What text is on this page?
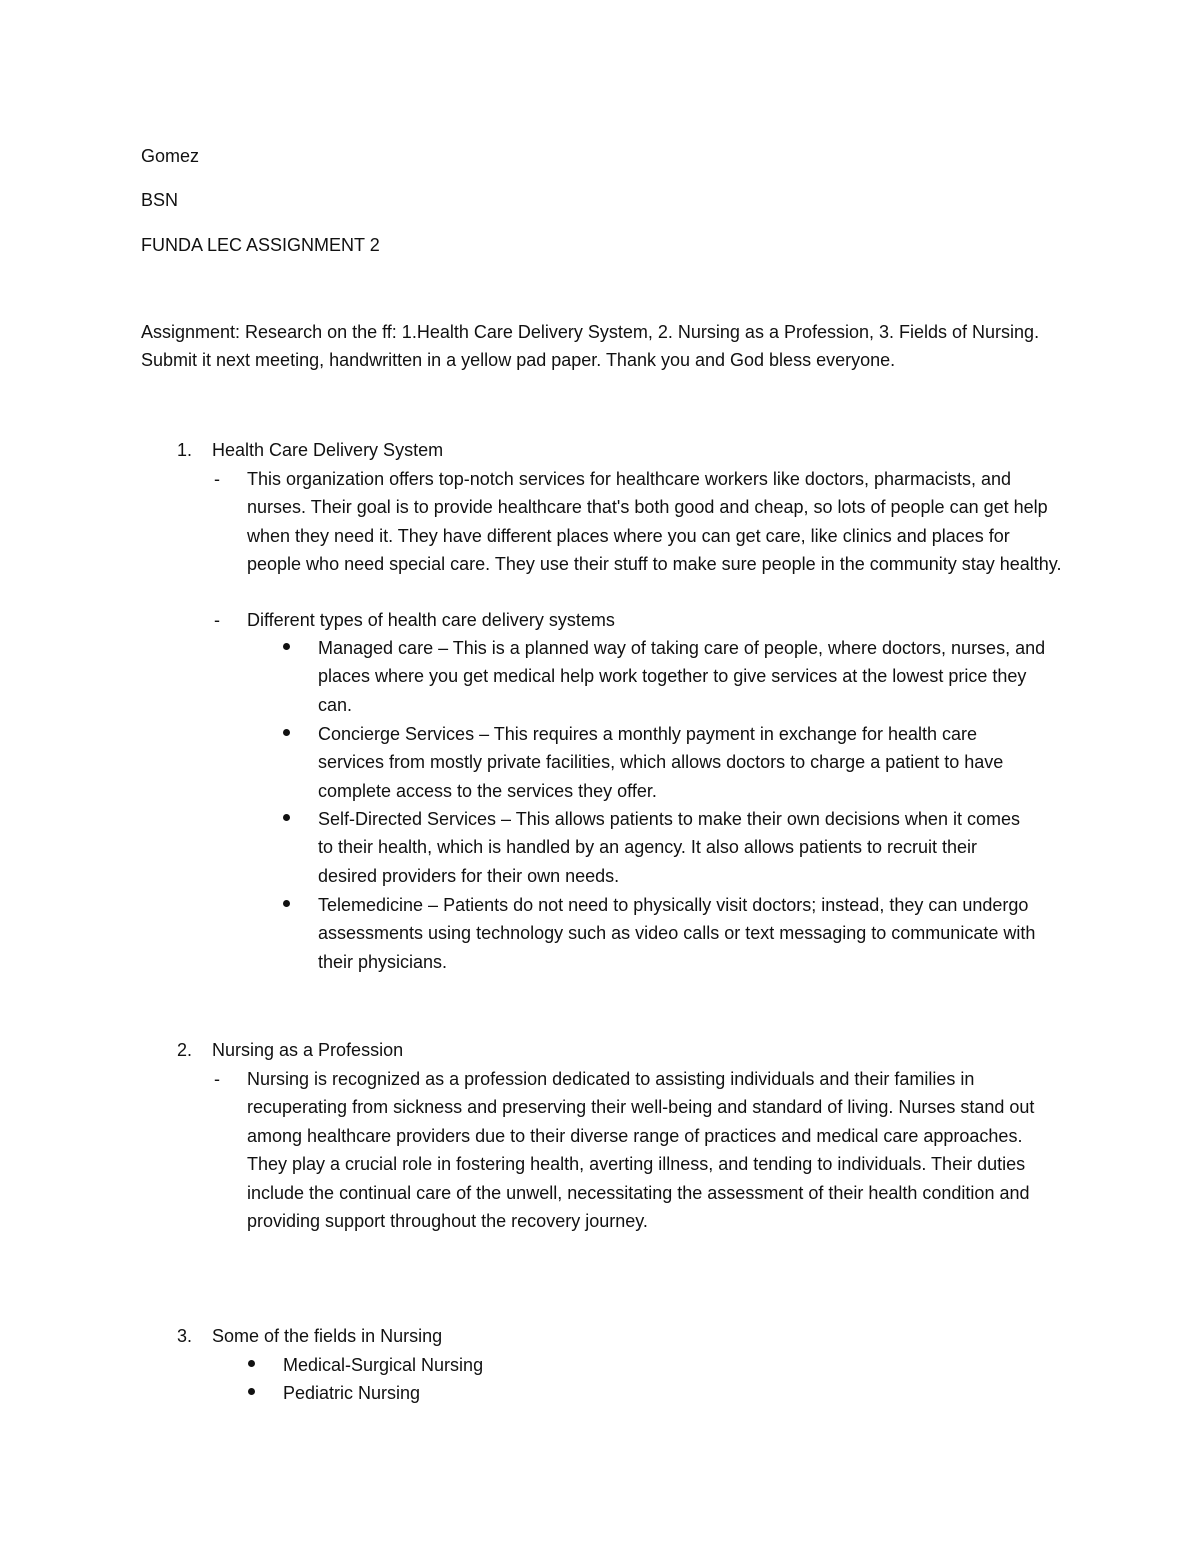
Gomez
BSN
FUNDA LEC ASSIGNMENT 2
Assignment: Research on the ff: 1.Health Care Delivery System, 2. Nursing as a Profession, 3. Fields of Nursing. Submit it next meeting, handwritten in a yellow pad paper. Thank you and God bless everyone.
1. Health Care Delivery System
- This organization offers top-notch services for healthcare workers like doctors, pharmacists, and nurses. Their goal is to provide healthcare that's both good and cheap, so lots of people can get help when they need it. They have different places where you can get care, like clinics and places for people who need special care. They use their stuff to make sure people in the community stay healthy.
- Different types of health care delivery systems
Managed care – This is a planned way of taking care of people, where doctors, nurses, and places where you get medical help work together to give services at the lowest price they can.
Concierge Services – This requires a monthly payment in exchange for health care services from mostly private facilities, which allows doctors to charge a patient to have complete access to the services they offer.
Self-Directed Services – This allows patients to make their own decisions when it comes to their health, which is handled by an agency. It also allows patients to recruit their desired providers for their own needs.
Telemedicine – Patients do not need to physically visit doctors; instead, they can undergo assessments using technology such as video calls or text messaging to communicate with their physicians.
2. Nursing as a Profession
- Nursing is recognized as a profession dedicated to assisting individuals and their families in recuperating from sickness and preserving their well-being and standard of living. Nurses stand out among healthcare providers due to their diverse range of practices and medical care approaches. They play a crucial role in fostering health, averting illness, and tending to individuals. Their duties include the continual care of the unwell, necessitating the assessment of their health condition and providing support throughout the recovery journey.
3. Some of the fields in Nursing
Medical-Surgical Nursing
Pediatric Nursing
